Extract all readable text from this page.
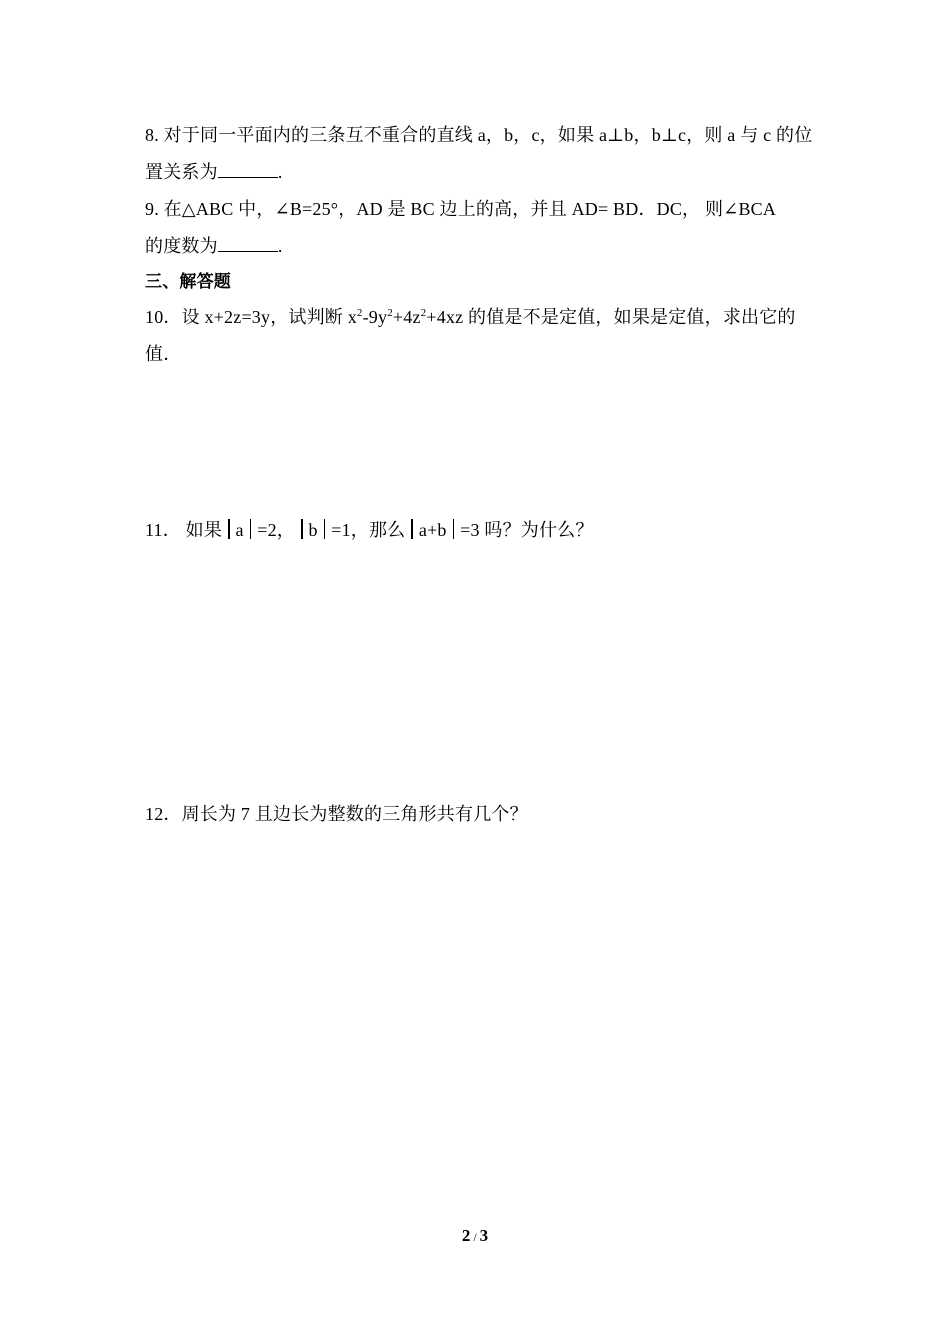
8. 对于同一平面内的三条互不重合的直线 a，b，c，如果 a⊥b，b⊥c，则 a 与 c 的位
置关系为	.
9. 在△ABC 中，∠B=25°，AD 是 BC 边上的高，并且 AD= BD．DC， 则∠BCA
的度数为	.
三、解答题
10．设 x+2z=3y，试判断 $x^2-9y^2+4z^2+4xz$ 的值是不是定值，如果是定值，求出它的
值．
11． 如果 a =2， b =1，那么 a+b =3 吗？为什么？
12．周长为 7 且边长为整数的三角形共有几个？
2 / 3
